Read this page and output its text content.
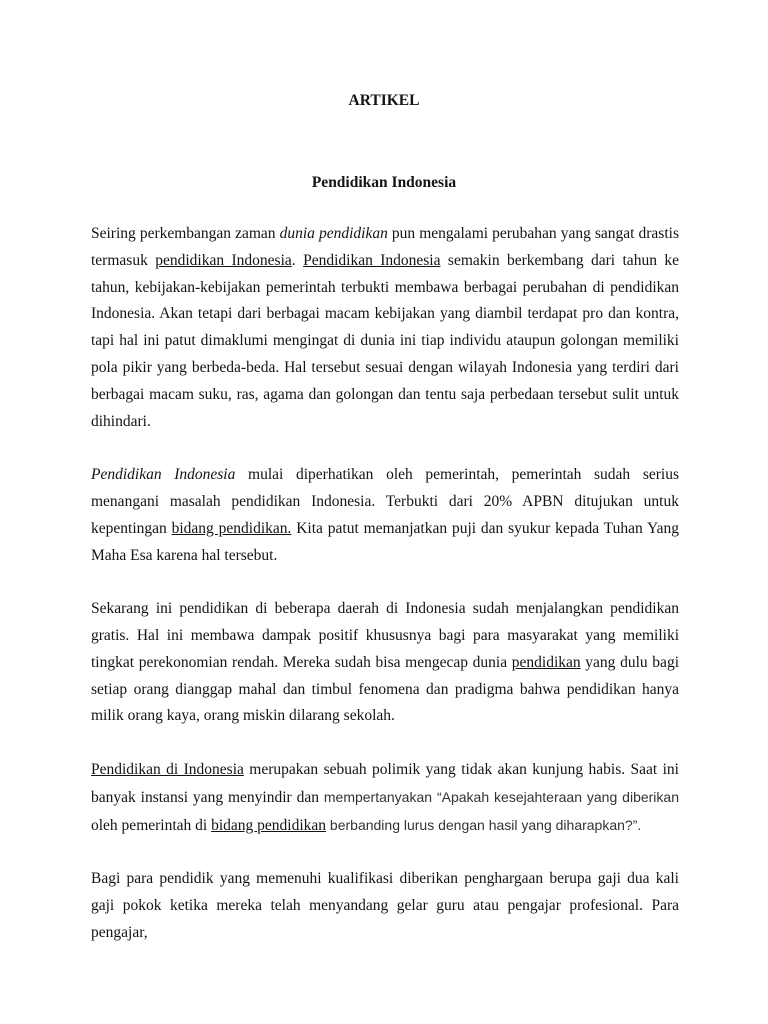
ARTIKEL
Pendidikan Indonesia

Seiring perkembangan zaman dunia pendidikan pun mengalami perubahan yang sangat drastis termasuk pendidikan Indonesia. Pendidikan Indonesia semakin berkembang dari tahun ke tahun, kebijakan-kebijakan pemerintah terbukti membawa berbagai perubahan di pendidikan Indonesia. Akan tetapi dari berbagai macam kebijakan yang diambil terdapat pro dan kontra, tapi hal ini patut dimaklumi mengingat di dunia ini tiap individu ataupun golongan memiliki pola pikir yang berbeda-beda. Hal tersebut sesuai dengan wilayah Indonesia yang terdiri dari berbagai macam suku, ras, agama dan golongan dan tentu saja perbedaan tersebut sulit untuk dihindari.

Pendidikan Indonesia mulai diperhatikan oleh pemerintah, pemerintah sudah serius menangani masalah pendidikan Indonesia. Terbukti dari 20% APBN ditujukan untuk kepentingan bidang pendidikan. Kita patut memanjatkan puji dan syukur kepada Tuhan Yang Maha Esa karena hal tersebut.

Sekarang ini pendidikan di beberapa daerah di Indonesia sudah menjalangkan pendidikan gratis. Hal ini membawa dampak positif khususnya bagi para masyarakat yang memiliki tingkat perekonomian rendah. Mereka sudah bisa mengecap dunia pendidikan yang dulu bagi setiap orang dianggap mahal dan timbul fenomena dan pradigma bahwa pendidikan hanya milik orang kaya, orang miskin dilarang sekolah.

Pendidikan di Indonesia merupakan sebuah polimik yang tidak akan kunjung habis. Saat ini banyak instansi yang menyindir dan mempertanyakan “Apakah kesejahteraan yang diberikan oleh pemerintah di bidang pendidikan berbanding lurus dengan hasil yang diharapkan?”.

Bagi para pendidik yang memenuhi kualifikasi diberikan penghargaan berupa gaji dua kali gaji pokok ketika mereka telah menyandang gelar guru atau pengajar profesional. Para pengajar,
